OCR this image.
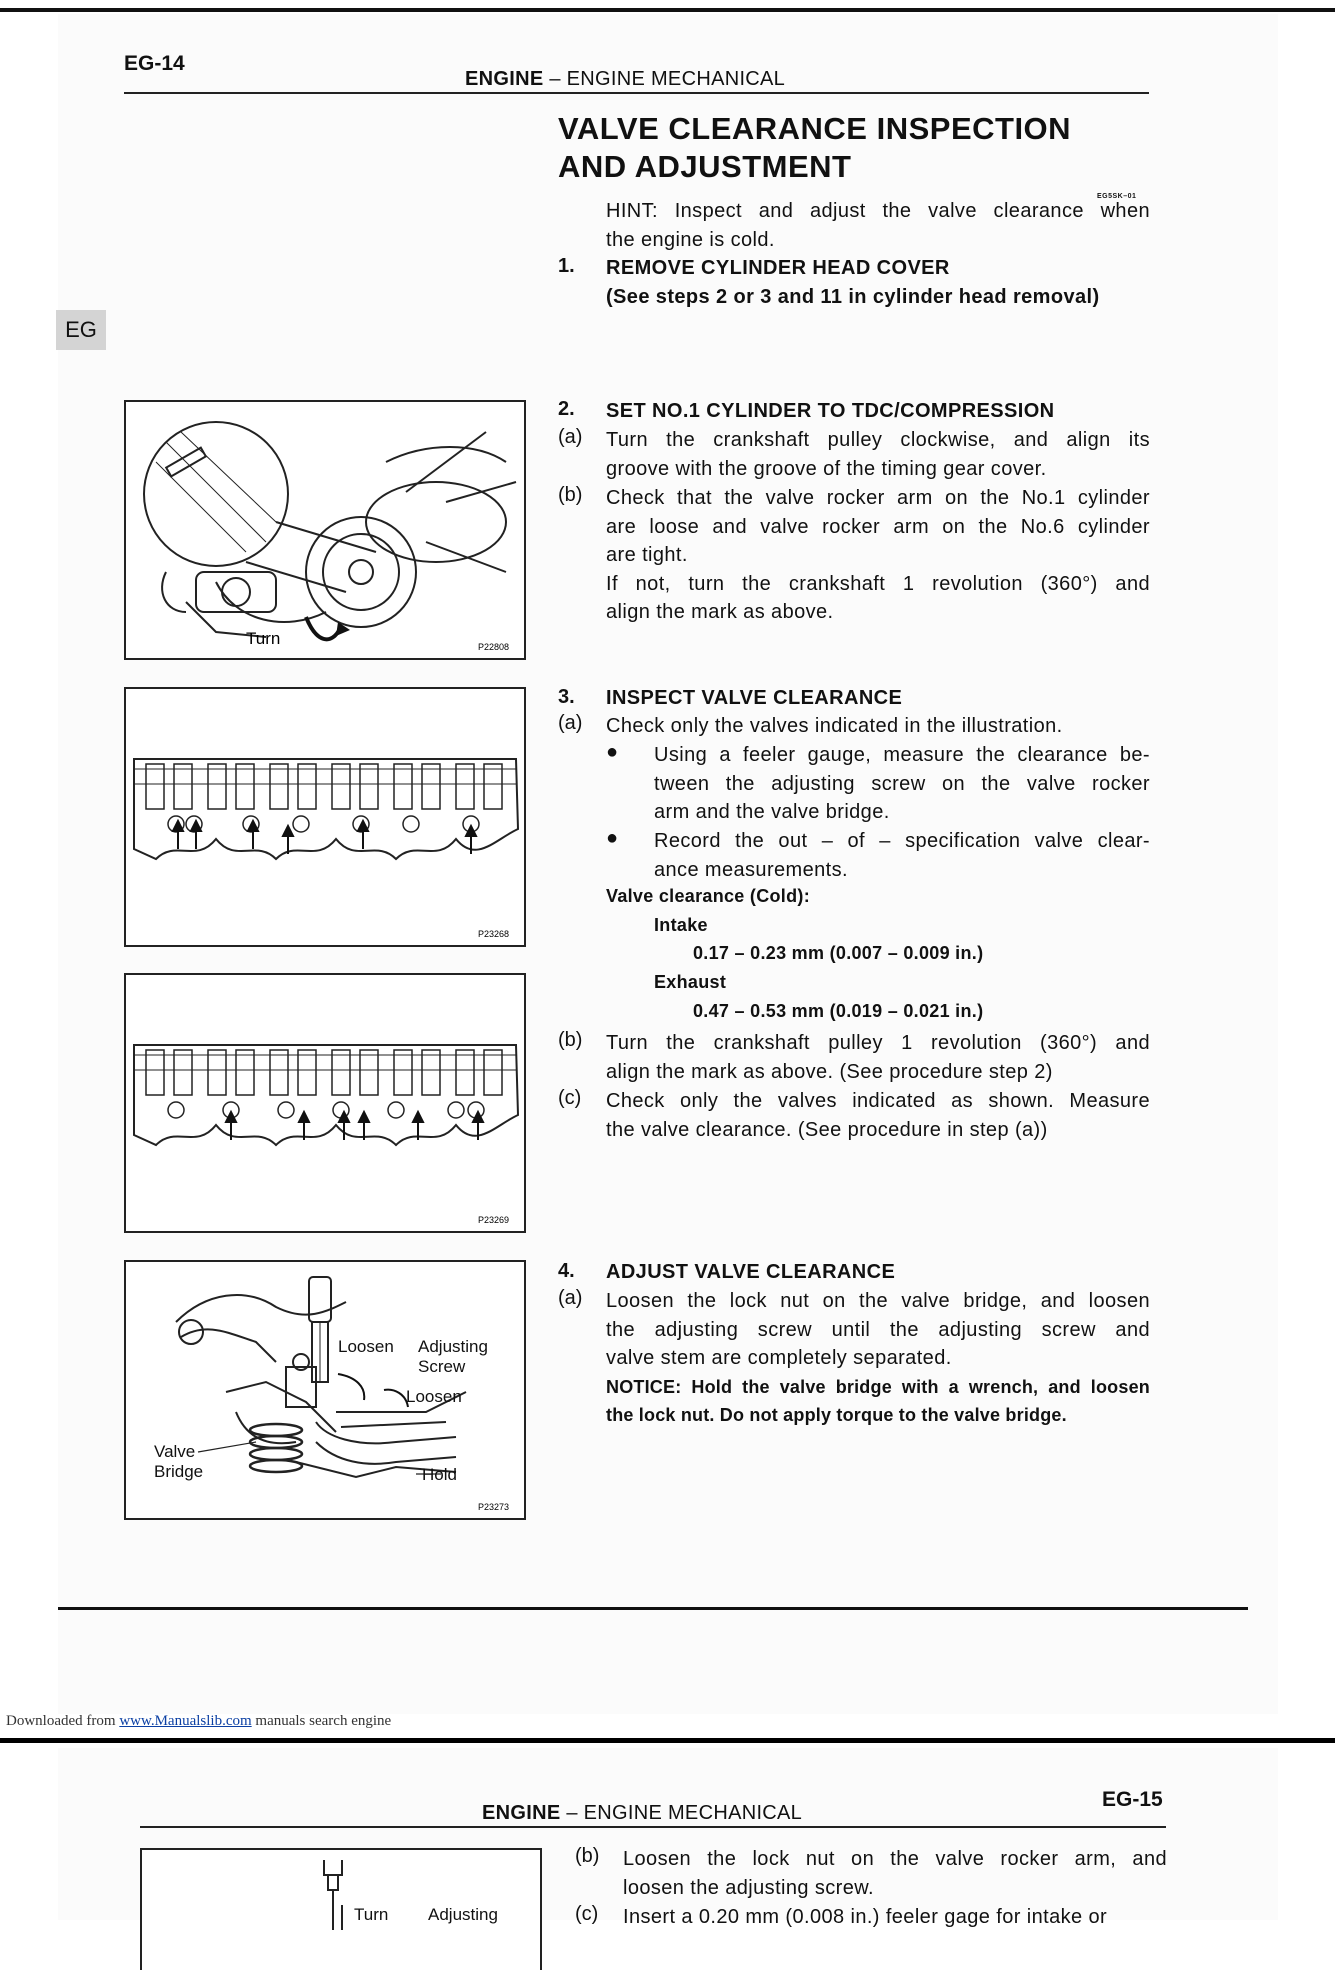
EG-14
ENGINE – ENGINE MECHANICAL
EG
VALVE CLEARANCE INSPECTION
AND ADJUSTMENT
EG5SK–01
HINT: Inspect and adjust the valve clearance when
the engine is cold.
1.	REMOVE CYLINDER HEAD COVER
(See steps 2 or 3 and 11 in cylinder head removal)
2.	SET NO.1 CYLINDER TO TDC/COMPRESSION
(a)	Turn the crankshaft pulley clockwise, and align its
groove with the groove of the timing gear cover.
(b)	Check that the valve rocker arm on the No.1 cylinder
are loose and valve rocker arm on the No.6 cylinder
are tight.
If not, turn the crankshaft 1 revolution (360°) and
align the mark as above.
3.	INSPECT VALVE CLEARANCE
(a)	Check only the valves indicated in the illustration.
● Using a feeler gauge, measure the clearance be-
tween the adjusting screw on the valve rocker
arm and the valve bridge.
● Record the out – of – specification valve clear-
ance measurements.
Valve clearance (Cold):
Intake
0.17 – 0.23 mm (0.007 – 0.009 in.)
Exhaust
0.47 – 0.53 mm (0.019 – 0.021 in.)
(b)	Turn the crankshaft pulley 1 revolution (360°) and
align the mark as above. (See procedure step 2)
(c)	Check only the valves indicated as shown. Measure
the valve clearance. (See procedure in step (a))
4.	ADJUST VALVE CLEARANCE
(a)	Loosen the lock nut on the valve bridge, and loosen
the adjusting screw until the adjusting screw and
valve stem are completely separated.
NOTICE: Hold the valve bridge with a wrench, and loosen
the lock nut. Do not apply torque to the valve bridge.
Turn	P22808
P23268
P23269
Loosen Adjusting
Screw
Loosen
Valve
Bridge	Hold
P23273
Downloaded from www.Manualslib.com manuals search engine
EG-15
ENGINE – ENGINE MECHANICAL
(b)	Loosen the lock nut on the valve rocker arm, and
loosen the adjusting screw.
(c)	Insert a 0.20 mm (0.008 in.) feeler gage for intake or
Turn Adjusting
